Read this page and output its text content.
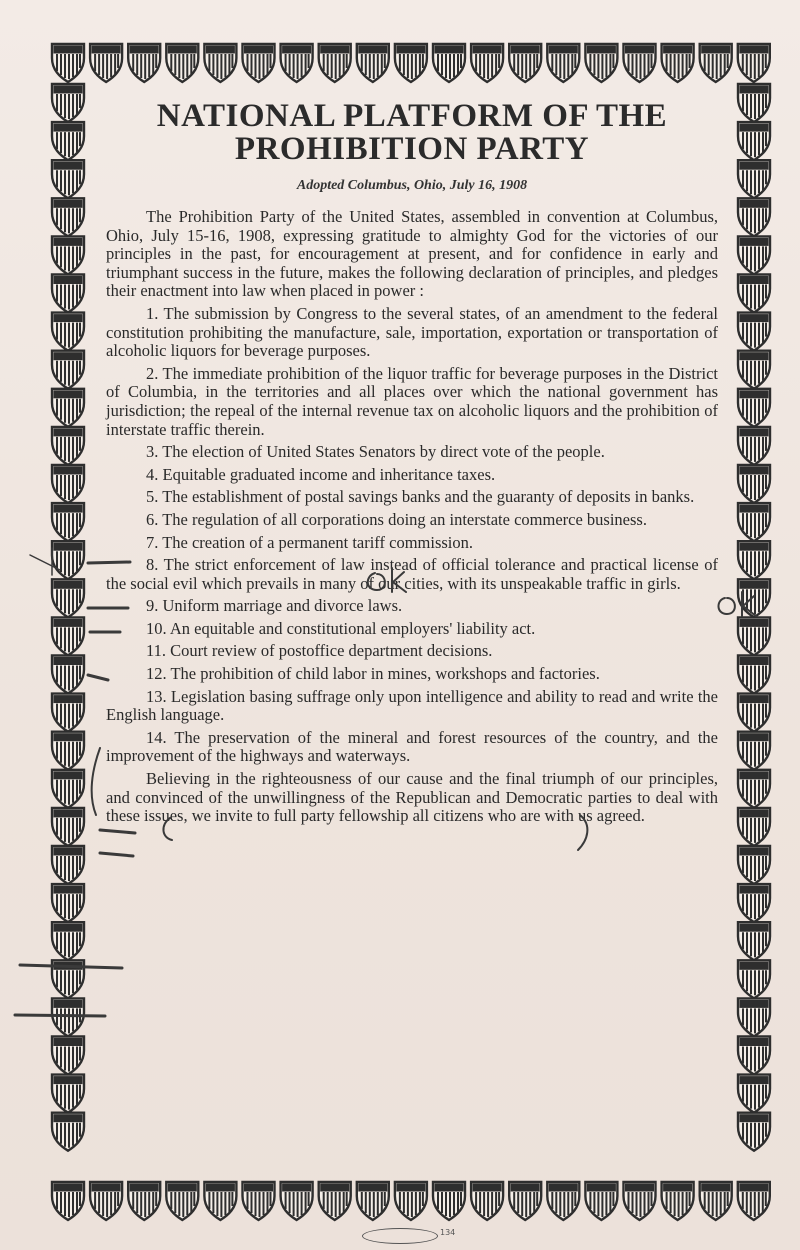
NATIONAL PLATFORM OF THE
PROHIBITION PARTY
Adopted Columbus, Ohio, July 16, 1908

The Prohibition Party of the United States, assembled in convention at Columbus, Ohio, July 15-16, 1908, expressing gratitude to almighty God for the victories of our principles in the past, for encouragement at present, and for confidence in early and triumphant success in the future, makes the following declaration of principles, and pledges their enactment into law when placed in power :

1. The submission by Congress to the several states, of an amendment to the federal constitution prohibiting the manufacture, sale, importation, exportation or transportation of alcoholic liquors for beverage purposes.

2. The immediate prohibition of the liquor traffic for beverage purposes in the District of Columbia, in the territories and all places over which the national government has jurisdiction; the repeal of the internal revenue tax on alcoholic liquors and the prohibition of interstate traffic therein.

3. The election of United States Senators by direct vote of the people.

4. Equitable graduated income and inheritance taxes.

5. The establishment of postal savings banks and the guaranty of deposits in banks.

6. The regulation of all corporations doing an interstate commerce business.

7. The creation of a permanent tariff commission.

8. The strict enforcement of law instead of official tolerance and practical license of the social evil which prevails in many of our cities, with its unspeakable traffic in girls.

9. Uniform marriage and divorce laws.

10. An equitable and constitutional employers' liability act.

11. Court review of postoffice department decisions.

12. The prohibition of child labor in mines, workshops and factories.

13. Legislation basing suffrage only upon intelligence and ability to read and write the English language.

14. The preservation of the mineral and forest resources of the country, and the improvement of the highways and waterways.

Believing in the righteousness of our cause and the final triumph of our principles, and convinced of the unwillingness of the Republican and Democratic parties to deal with these issues, we invite to full party fellowship all citizens who are with us agreed.

134
